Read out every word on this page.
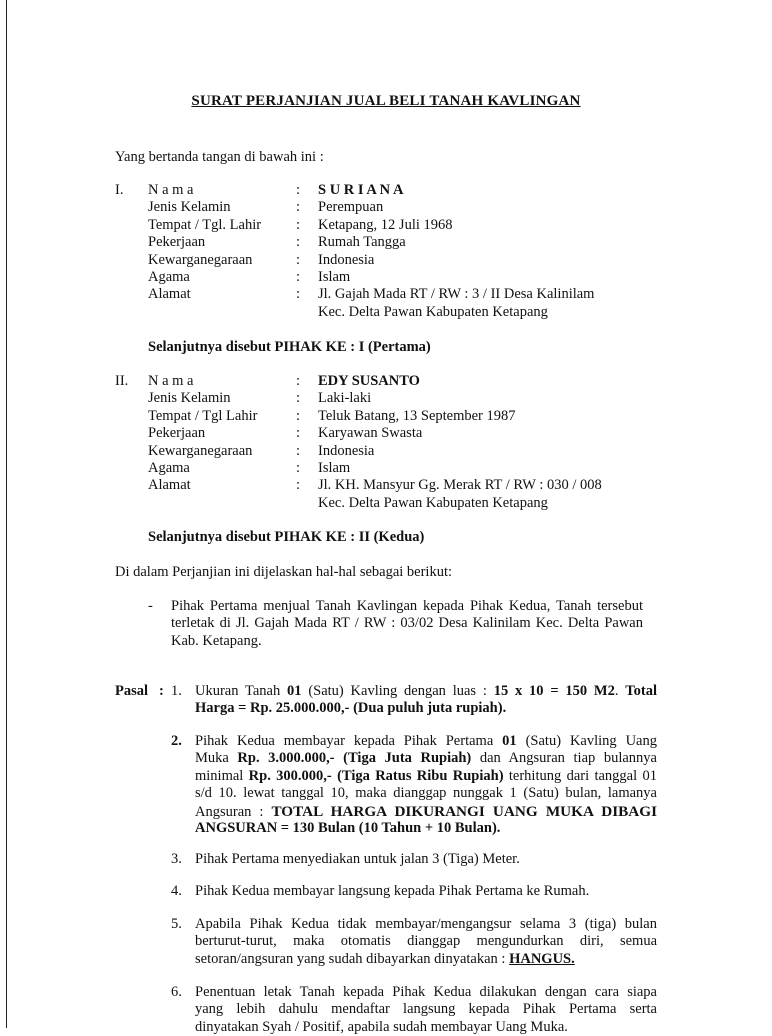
SURAT PERJANJIAN JUAL BELI TANAH KAVLINGAN
Yang bertanda tangan di bawah ini :
I. N a m a	: S U R I A N A
Jenis Kelamin	: Perempuan
Tempat / Tgl. Lahir : Ketapang, 12 Juli 1968
Pekerjaan	: Rumah Tangga
Kewarganegaraan	: Indonesia
Agama	: Islam
Alamat	: Jl. Gajah Mada RT / RW : 3 / II Desa Kalinilam
Kec. Delta Pawan Kabupaten Ketapang
Selanjutnya disebut PIHAK KE : I (Pertama)
II. N a m a	: EDY SUSANTO
Jenis Kelamin	: Laki-laki
Tempat / Tgl Lahir	: Teluk Batang, 13 September 1987
Pekerjaan	: Karyawan Swasta
Kewarganegaraan	: Indonesia
Agama	: Islam
Alamat	: Jl. KH. Mansyur Gg. Merak RT / RW : 030 / 008
Kec. Delta Pawan Kabupaten Ketapang
Selanjutnya disebut PIHAK KE : II (Kedua)
Di dalam Perjanjian ini dijelaskan hal-hal sebagai berikut:
- Pihak Pertama menjual Tanah Kavlingan kepada Pihak Kedua, Tanah tersebut
terletak di Jl. Gajah Mada RT / RW : 03/02 Desa Kalinilam Kec. Delta Pawan
Kab. Ketapang.
Pasal : 1. Ukuran Tanah 01 (Satu) Kavling dengan luas : 15 x 10 = 150 M2. Total
Harga = Rp. 25.000.000,- (Dua puluh juta rupiah).
2. Pihak Kedua membayar kepada Pihak Pertama 01 (Satu) Kavling Uang
Muka Rp. 3.000.000,- (Tiga Juta Rupiah) dan Angsuran tiap bulannya
minimal Rp. 300.000,- (Tiga Ratus Ribu Rupiah) terhitung dari tanggal 01
s/d 10. lewat tanggal 10, maka dianggap nunggak 1 (Satu) bulan, lamanya
Angsuran : TOTAL HARGA DIKURANGI UANG MUKA DIBAGI
ANGSURAN = 130 Bulan (10 Tahun + 10 Bulan).
3. Pihak Pertama menyediakan untuk jalan 3 (Tiga) Meter.
4. Pihak Kedua membayar langsung kepada Pihak Pertama ke Rumah.
5. Apabila Pihak Kedua tidak membayar/mengangsur selama 3 (tiga) bulan
berturut-turut, maka otomatis dianggap mengundurkan diri, semua
setoran/angsuran yang sudah dibayarkan dinyatakan : HANGUS.
6. Penentuan letak Tanah kepada Pihak Kedua dilakukan dengan cara siapa
yang lebih dahulu mendaftar langsung kepada Pihak Pertama serta
dinyatakan Syah / Positif, apabila sudah membayar Uang Muka.
